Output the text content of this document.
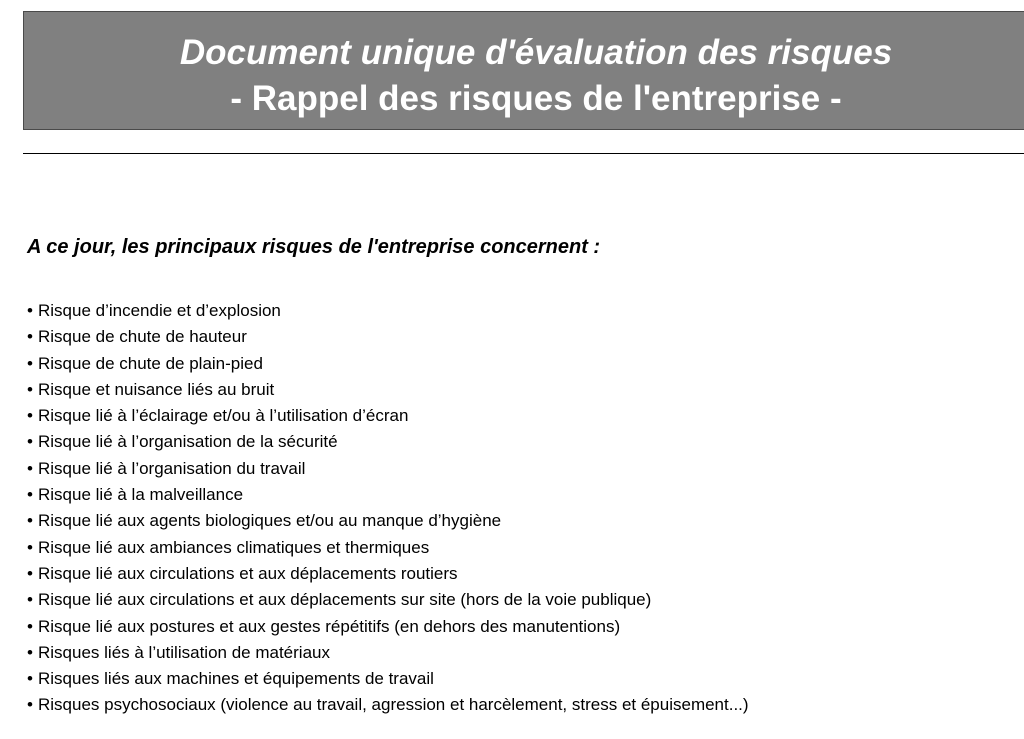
Document unique d'évaluation des risques
- Rappel des risques de l'entreprise -
A ce jour, les principaux risques de l'entreprise concernent :
• Risque d’incendie et d’explosion
• Risque de chute de hauteur
• Risque de chute de plain-pied
• Risque et nuisance liés au bruit
• Risque lié à l’éclairage et/ou à l’utilisation d’écran
• Risque lié à l’organisation de la sécurité
• Risque lié à l’organisation du travail
• Risque lié à la malveillance
• Risque lié aux agents biologiques et/ou au manque d’hygiène
• Risque lié aux ambiances climatiques et thermiques
• Risque lié aux circulations et aux déplacements routiers
• Risque lié aux circulations et aux déplacements sur site (hors de la voie publique)
• Risque lié aux postures et aux gestes répétitifs (en dehors des manutentions)
• Risques liés à l’utilisation de matériaux
• Risques liés aux machines et équipements de travail
• Risques psychosociaux (violence au travail, agression et harcèlement, stress et épuisement...)
